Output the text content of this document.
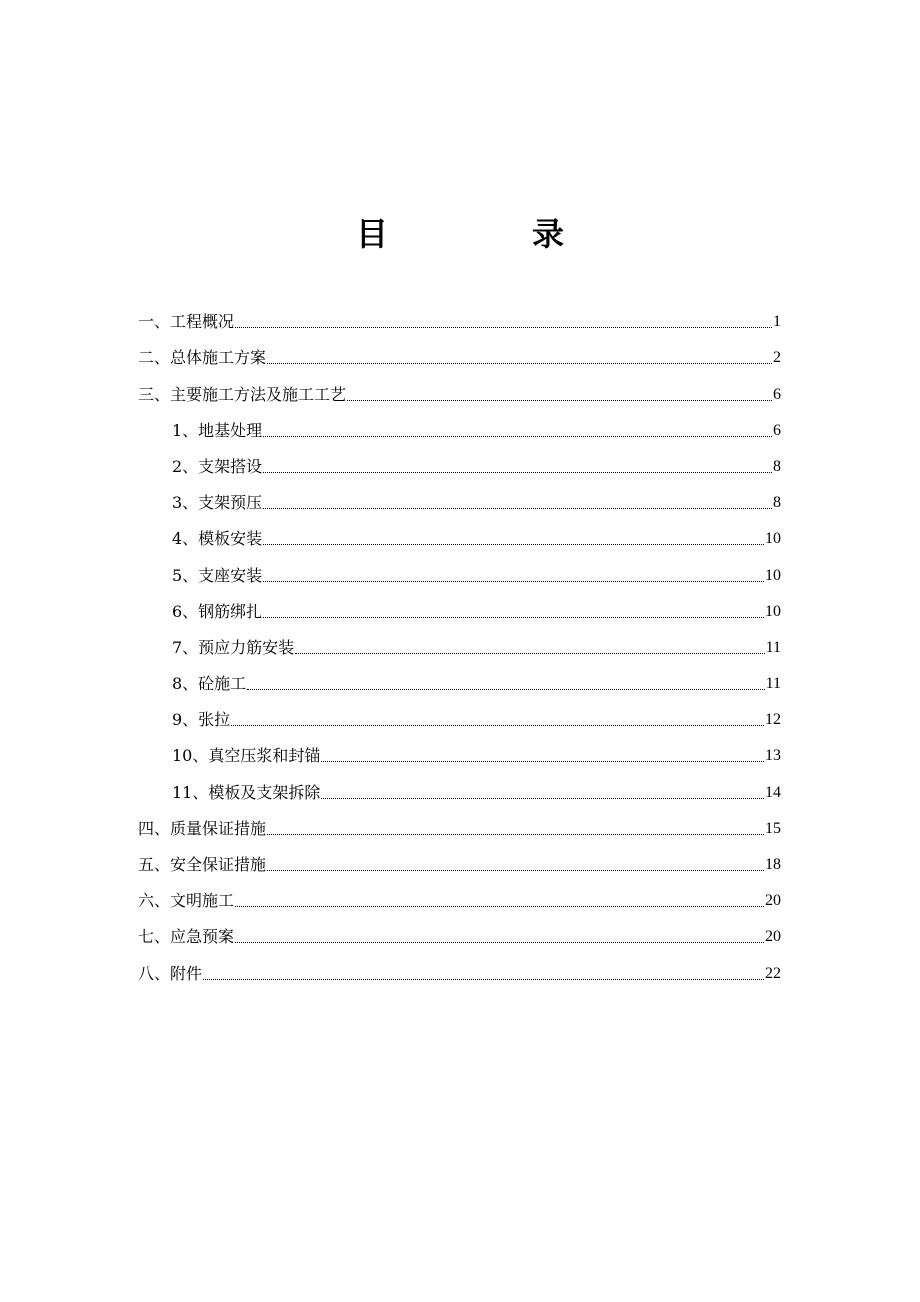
目　录
一、工程概况	1
二、总体施工方案	2
三、主要施工方法及施工工艺	6
1、地基处理	6
2、支架搭设	8
3、支架预压	8
4、模板安装	10
5、支座安装	10
6、钢筋绑扎	10
7、预应力筋安装	11
8、砼施工	11
9、张拉	12
10、真空压浆和封锚	13
11、模板及支架拆除	14
四、质量保证措施	15
五、安全保证措施	18
六、文明施工	20
七、应急预案	20
八、附件	22
